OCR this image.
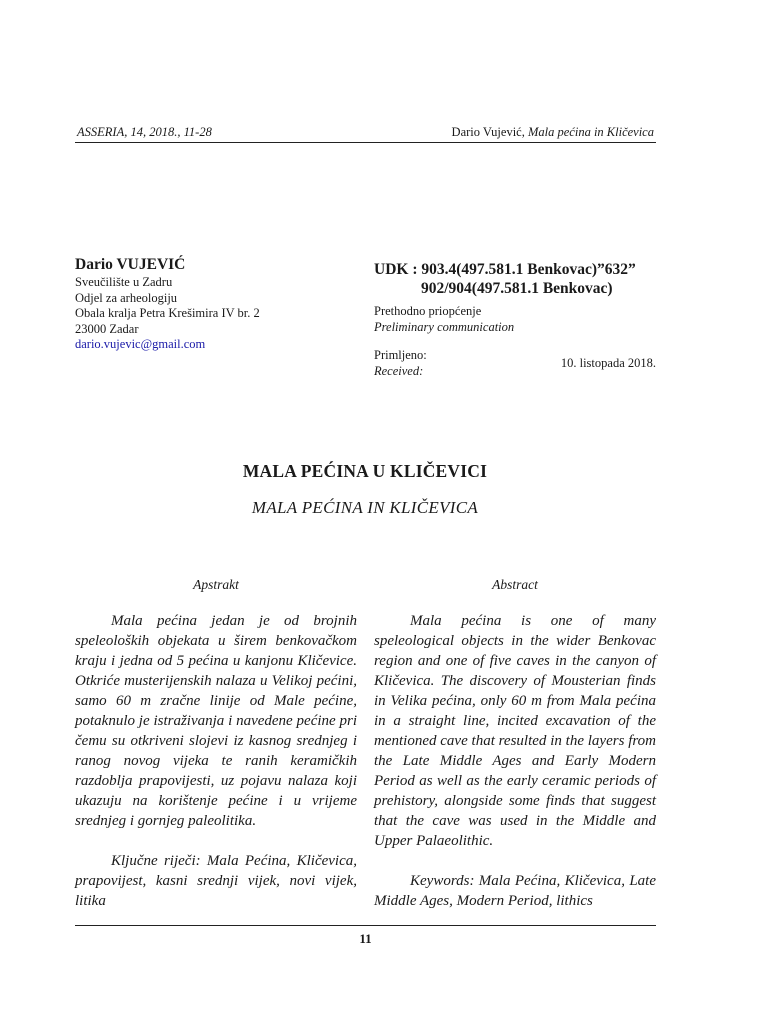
ASSERIA, 14, 2018., 11-28	Dario Vujević, Mala pećina in Kličevica
Dario VUJEVIĆ
Sveučilište u Zadru
Odjel za arheologiju
Obala kralja Petra Krešimira IV br. 2
23000 Zadar
dario.vujevic@gmail.com
UDK : 903.4(497.581.1 Benkovac)”632”
902/904(497.581.1 Benkovac)
Prethodno priopćenje
Preliminary communication
Primljeno:
Received:
10. listopada 2018.
MALA PEĆINA U KLIČEVICI
MALA PEĆINA IN KLIČEVICA
Apstrakt

Mala pećina jedan je od brojnih speleoloških objekata u širem benkovačkom kraju i jedna od 5 pećina u kanjonu Kličevice. Otkriće musterijenskih nalaza u Velikoj pećini, samo 60 m zračne linije od Male pećine, potaknulo je istraživanja i navedene pećine pri čemu su otkriveni slojevi iz kasnog srednjeg i ranog novog vijeka te ranih keramičkih razdoblja prapovijesti, uz pojavu nalaza koji ukazuju na korištenje pećine i u vrijeme srednjeg i gornjeg paleolitika.

Ključne riječi: Mala Pećina, Kličevica, prapovijest, kasni srednji vijek, novi vijek, litika

Abstract

Mala pećina is one of many speleological objects in the wider Benkovac region and one of five caves in the canyon of Kličevica. The discovery of Mousterian finds in Velika pećina, only 60 m from Mala pećina in a straight line, incited excavation of the mentioned cave that resulted in the layers from the Late Middle Ages and Early Modern Period as well as the early ceramic periods of prehistory, alongside some finds that suggest that the cave was used in the Middle and Upper Palaeolithic.

Keywords: Mala Pećina, Kličevica, Late Middle Ages, Modern Period, lithics

11
